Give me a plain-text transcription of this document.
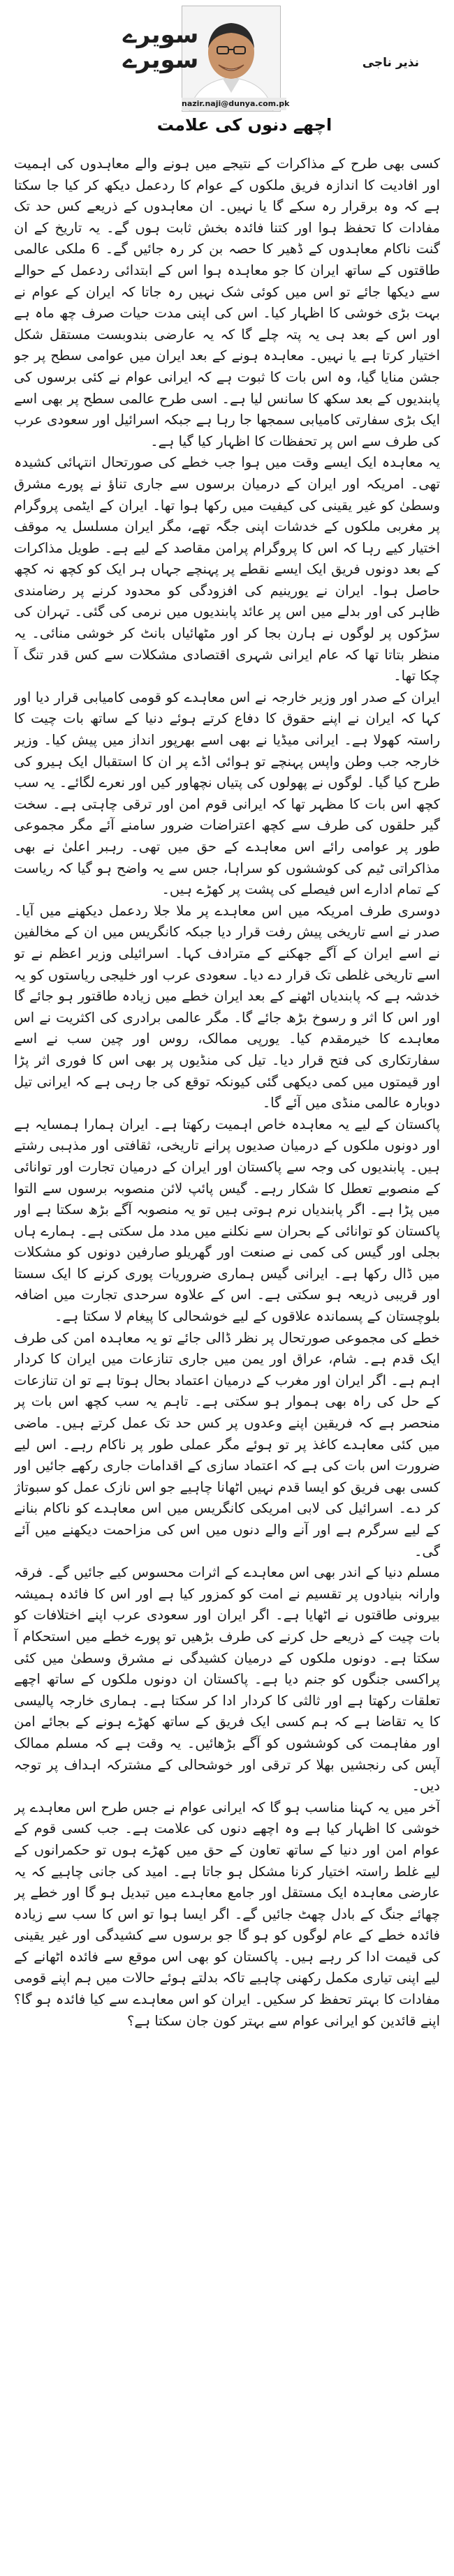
سویرے
سویرے	نذیر ناجی
nazir.naji@dunya.com.pk
اچھے دنوں کی علامت

کسی بھی طرح کے مذاکرات کے نتیجے میں ہونے والے معاہدوں کی اہمیت اور افادیت کا اندازہ فریق ملکوں کے عوام کا ردعمل دیکھ کر کیا جا سکتا ہے کہ وہ برقرار رہ سکے گا یا نہیں۔ ان معاہدوں کے ذریعے کس حد تک مفادات کا تحفظ ہوا اور کتنا فائدہ بخش ثابت ہوں گے۔ یہ تاریخ کے ان گنت ناکام معاہدوں کے ڈھیر کا حصہ بن کر رہ جائیں گے۔ 6 ملکی عالمی طاقتوں کے ساتھ ایران کا جو معاہدہ ہوا اس کے ابتدائی ردعمل کے حوالے سے دیکھا جائے تو اس میں کوئی شک نہیں رہ جاتا کہ ایران کے عوام نے بہت بڑی خوشی کا اظہار کیا۔ اس کی اپنی مدت حیات صرف چھ ماہ ہے اور اس کے بعد ہی یہ پتہ چلے گا کہ یہ عارضی بندوبست مستقل شکل اختیار کرتا ہے یا نہیں۔ معاہدہ ہونے کے بعد ایران میں عوامی سطح پر جو جشن منایا گیا، وہ اس بات کا ثبوت ہے کہ ایرانی عوام نے کئی برسوں کی پابندیوں کے بعد سکھ کا سانس لیا ہے۔ اسی طرح عالمی سطح پر بھی اسے ایک بڑی سفارتی کامیابی سمجھا جا رہا ہے جبکہ اسرائیل اور سعودی عرب کی طرف سے اس پر تحفظات کا اظہار کیا گیا ہے۔

یہ معاہدہ ایک ایسے وقت میں ہوا جب خطے کی صورتحال انتہائی کشیدہ تھی۔ امریکہ اور ایران کے درمیان برسوں سے جاری تناؤ نے پورے مشرق وسطیٰ کو غیر یقینی کی کیفیت میں رکھا ہوا تھا۔ ایران کے ایٹمی پروگرام پر مغربی ملکوں کے خدشات اپنی جگہ تھے، مگر ایران مسلسل یہ موقف اختیار کیے رہا کہ اس کا پروگرام پرامن مقاصد کے لیے ہے۔ طویل مذاکرات کے بعد دونوں فریق ایک ایسے نقطے پر پہنچے جہاں ہر ایک کو کچھ نہ کچھ حاصل ہوا۔ ایران نے یورینیم کی افزودگی کو محدود کرنے پر رضامندی ظاہر کی اور بدلے میں اس پر عائد پابندیوں میں نرمی کی گئی۔ تہران کی سڑکوں پر لوگوں نے ہارن بجا کر اور مٹھائیاں بانٹ کر خوشی منائی۔ یہ منظر بتاتا تھا کہ عام ایرانی شہری اقتصادی مشکلات سے کس قدر تنگ آ چکا تھا۔

ایران کے صدر اور وزیر خارجہ نے اس معاہدے کو قومی کامیابی قرار دیا اور کہا کہ ایران نے اپنے حقوق کا دفاع کرتے ہوئے دنیا کے ساتھ بات چیت کا راستہ کھولا ہے۔ ایرانی میڈیا نے بھی اسے بھرپور انداز میں پیش کیا۔ وزیر خارجہ جب وطن واپس پہنچے تو ہوائی اڈے پر ان کا استقبال ایک ہیرو کی طرح کیا گیا۔ لوگوں نے پھولوں کی پتیاں نچھاور کیں اور نعرے لگائے۔ یہ سب کچھ اس بات کا مظہر تھا کہ ایرانی قوم امن اور ترقی چاہتی ہے۔ سخت گیر حلقوں کی طرف سے کچھ اعتراضات ضرور سامنے آئے مگر مجموعی طور پر عوامی رائے اس معاہدے کے حق میں تھی۔ رہبر اعلیٰ نے بھی مذاکراتی ٹیم کی کوششوں کو سراہا، جس سے یہ واضح ہو گیا کہ ریاست کے تمام ادارے اس فیصلے کی پشت پر کھڑے ہیں۔

دوسری طرف امریکہ میں اس معاہدے پر ملا جلا ردعمل دیکھنے میں آیا۔ صدر نے اسے تاریخی پیش رفت قرار دیا جبکہ کانگریس میں ان کے مخالفین نے اسے ایران کے آگے جھکنے کے مترادف کہا۔ اسرائیلی وزیر اعظم نے تو اسے تاریخی غلطی تک قرار دے دیا۔ سعودی عرب اور خلیجی ریاستوں کو یہ خدشہ ہے کہ پابندیاں اٹھنے کے بعد ایران خطے میں زیادہ طاقتور ہو جائے گا اور اس کا اثر و رسوخ بڑھ جائے گا۔ مگر عالمی برادری کی اکثریت نے اس معاہدے کا خیرمقدم کیا۔ یورپی ممالک، روس اور چین سب نے اسے سفارتکاری کی فتح قرار دیا۔ تیل کی منڈیوں پر بھی اس کا فوری اثر پڑا اور قیمتوں میں کمی دیکھی گئی کیونکہ توقع کی جا رہی ہے کہ ایرانی تیل دوبارہ عالمی منڈی میں آئے گا۔

پاکستان کے لیے یہ معاہدہ خاص اہمیت رکھتا ہے۔ ایران ہمارا ہمسایہ ہے اور دونوں ملکوں کے درمیان صدیوں پرانے تاریخی، ثقافتی اور مذہبی رشتے ہیں۔ پابندیوں کی وجہ سے پاکستان اور ایران کے درمیان تجارت اور توانائی کے منصوبے تعطل کا شکار رہے۔ گیس پائپ لائن منصوبہ برسوں سے التوا میں پڑا ہے۔ اگر پابندیاں نرم ہوتی ہیں تو یہ منصوبہ آگے بڑھ سکتا ہے اور پاکستان کو توانائی کے بحران سے نکلنے میں مدد مل سکتی ہے۔ ہمارے ہاں بجلی اور گیس کی کمی نے صنعت اور گھریلو صارفین دونوں کو مشکلات میں ڈال رکھا ہے۔ ایرانی گیس ہماری ضروریات پوری کرنے کا ایک سستا اور قریبی ذریعہ ہو سکتی ہے۔ اس کے علاوہ سرحدی تجارت میں اضافہ بلوچستان کے پسماندہ علاقوں کے لیے خوشحالی کا پیغام لا سکتا ہے۔

خطے کی مجموعی صورتحال پر نظر ڈالی جائے تو یہ معاہدہ امن کی طرف ایک قدم ہے۔ شام، عراق اور یمن میں جاری تنازعات میں ایران کا کردار اہم ہے۔ اگر ایران اور مغرب کے درمیان اعتماد بحال ہوتا ہے تو ان تنازعات کے حل کی راہ بھی ہموار ہو سکتی ہے۔ تاہم یہ سب کچھ اس بات پر منحصر ہے کہ فریقین اپنے وعدوں پر کس حد تک عمل کرتے ہیں۔ ماضی میں کئی معاہدے کاغذ پر تو ہوئے مگر عملی طور پر ناکام رہے۔ اس لیے ضرورت اس بات کی ہے کہ اعتماد سازی کے اقدامات جاری رکھے جائیں اور کسی بھی فریق کو ایسا قدم نہیں اٹھانا چاہیے جو اس نازک عمل کو سبوتاژ کر دے۔ اسرائیل کی لابی امریکی کانگریس میں اس معاہدے کو ناکام بنانے کے لیے سرگرم ہے اور آنے والے دنوں میں اس کی مزاحمت دیکھنے میں آئے گی۔

مسلم دنیا کے اندر بھی اس معاہدے کے اثرات محسوس کیے جائیں گے۔ فرقہ وارانہ بنیادوں پر تقسیم نے امت کو کمزور کیا ہے اور اس کا فائدہ ہمیشہ بیرونی طاقتوں نے اٹھایا ہے۔ اگر ایران اور سعودی عرب اپنے اختلافات کو بات چیت کے ذریعے حل کرنے کی طرف بڑھیں تو پورے خطے میں استحکام آ سکتا ہے۔ دونوں ملکوں کے درمیان کشیدگی نے مشرق وسطیٰ میں کئی پراکسی جنگوں کو جنم دیا ہے۔ پاکستان ان دونوں ملکوں کے ساتھ اچھے تعلقات رکھتا ہے اور ثالثی کا کردار ادا کر سکتا ہے۔ ہماری خارجہ پالیسی کا یہ تقاضا ہے کہ ہم کسی ایک فریق کے ساتھ کھڑے ہونے کے بجائے امن اور مفاہمت کی کوششوں کو آگے بڑھائیں۔ یہ وقت ہے کہ مسلم ممالک آپس کی رنجشیں بھلا کر ترقی اور خوشحالی کے مشترکہ اہداف پر توجہ دیں۔

آخر میں یہ کہنا مناسب ہو گا کہ ایرانی عوام نے جس طرح اس معاہدے پر خوشی کا اظہار کیا ہے وہ اچھے دنوں کی علامت ہے۔ جب کسی قوم کے عوام امن اور دنیا کے ساتھ تعاون کے حق میں کھڑے ہوں تو حکمرانوں کے لیے غلط راستہ اختیار کرنا مشکل ہو جاتا ہے۔ امید کی جانی چاہیے کہ یہ عارضی معاہدہ ایک مستقل اور جامع معاہدے میں تبدیل ہو گا اور خطے پر چھائے جنگ کے بادل چھٹ جائیں گے۔ اگر ایسا ہوا تو اس کا سب سے زیادہ فائدہ خطے کے عام لوگوں کو ہو گا جو برسوں سے کشیدگی اور غیر یقینی کی قیمت ادا کر رہے ہیں۔ پاکستان کو بھی اس موقع سے فائدہ اٹھانے کے لیے اپنی تیاری مکمل رکھنی چاہیے تاکہ بدلتے ہوئے حالات میں ہم اپنے قومی مفادات کا بہتر تحفظ کر سکیں۔ ایران کو اس معاہدے سے کیا فائدہ ہو گا؟ اپنے قائدین کو ایرانی عوام سے بہتر کون جان سکتا ہے؟
